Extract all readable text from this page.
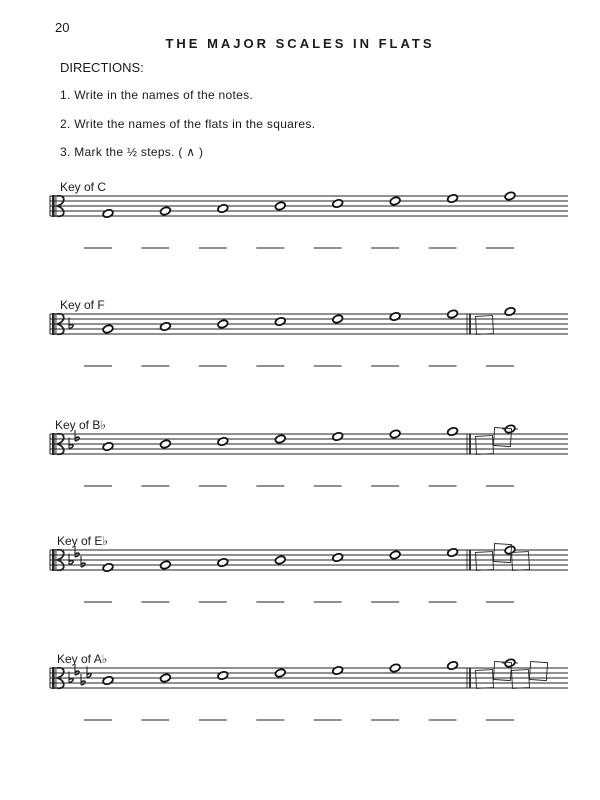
20
THE MAJOR SCALES IN FLATS
DIRECTIONS:
1. Write in the names of the notes.
2. Write the names of the flats in the squares.
3. Mark the ½ steps. ( ∧ )
Key of C
Key of F
Key of B♭
Key of E♭
Key of A♭
